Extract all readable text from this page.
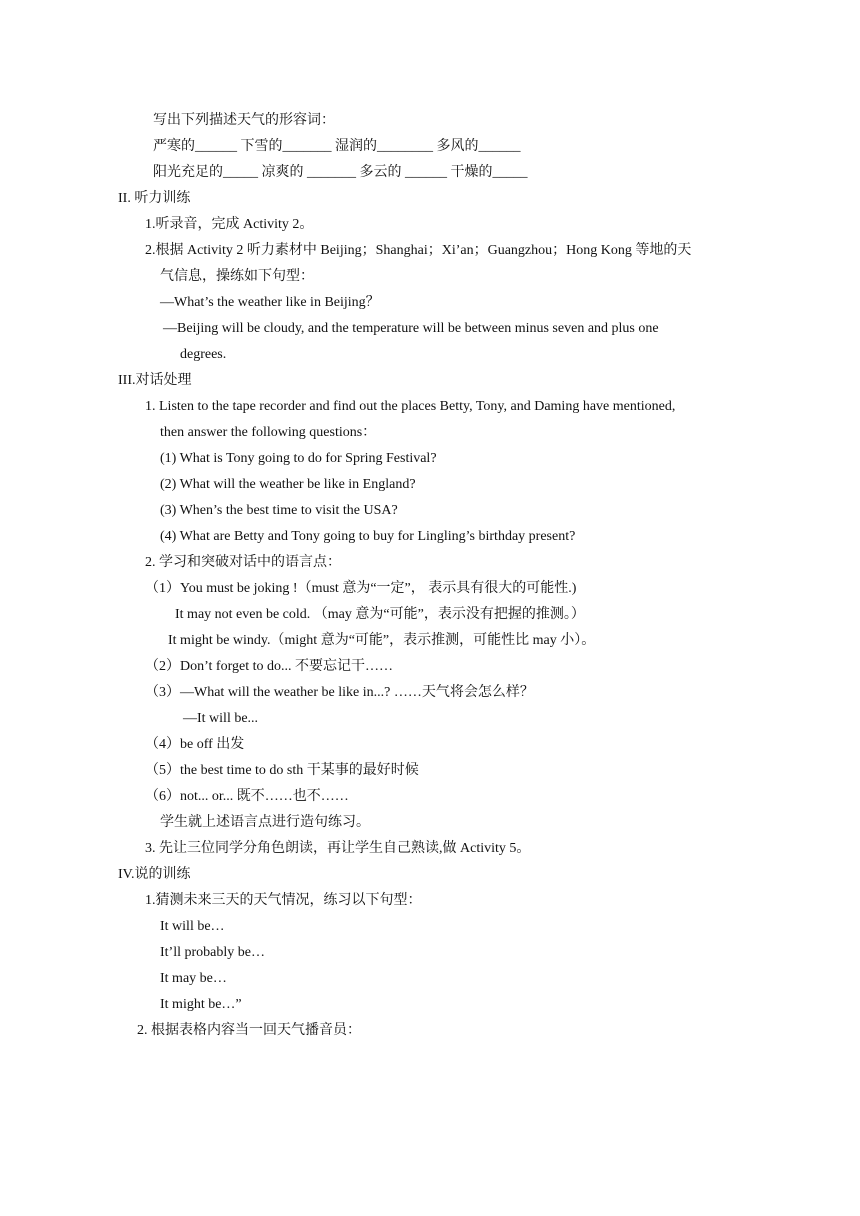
写出下列描述天气的形容词：
严寒的______ 下雪的_______ 湿润的________ 多风的______
阳光充足的_____ 凉爽的 _______ 多云的 ______ 干燥的_____
II. 听力训练
1.听录音，完成 Activity 2。
2.根据 Activity 2 听力素材中 Beijing；Shanghai；Xi’an；Guangzhou；Hong Kong 等地的天
气信息，操练如下句型：
—What’s the weather like in Beijing？
—Beijing will be cloudy, and the temperature will be between minus seven and plus one
degrees.
III.对话处理
1. Listen to the tape recorder and find out the places Betty, Tony, and Daming have mentioned,
then answer the following questions：
(1) What is Tony going to do for Spring Festival?
(2) What will the weather be like in England?
(3) When’s the best time to visit the USA?
(4) What are Betty and Tony going to buy for Lingling’s birthday present?
2. 学习和突破对话中的语言点：
（1）You must be joking !（must 意为“一定”， 表示具有很大的可能性.)
It may not even be cold. （may 意为“可能”，表示没有把握的推测。）
It might be windy.（might 意为“可能”，表示推测，可能性比 may 小）。
（2）Don’t forget to do... 不要忘记干……
（3）—What will the weather be like in...? ……天气将会怎么样？
—It will be...
（4）be off 出发
（5）the best time to do sth 干某事的最好时候
（6）not... or... 既不……也不……
学生就上述语言点进行造句练习。
3. 先让三位同学分角色朗读，再让学生自己熟读,做 Activity 5。
IV.说的训练
1.猜测未来三天的天气情况，练习以下句型：
It will be…
It’ll probably be…
It may be…
It might be…”
2. 根据表格内容当一回天气播音员：
